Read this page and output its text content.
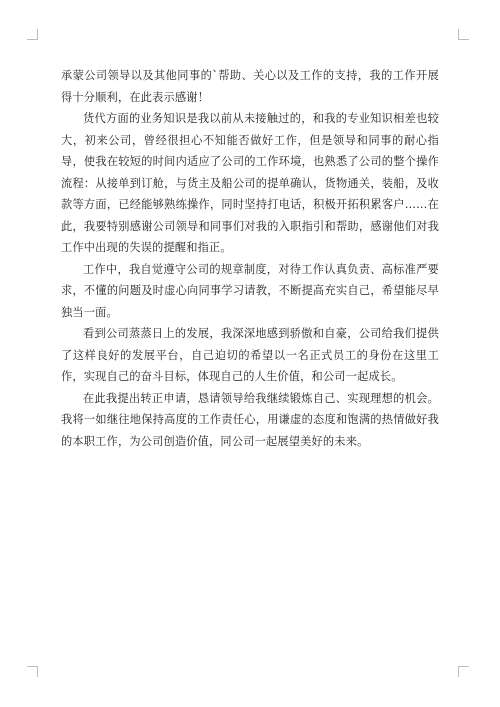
承蒙公司领导以及其他同事的`帮助、关心以及工作的支持，我的工作开展得十分顺利，在此表示感谢！

货代方面的业务知识是我以前从未接触过的，和我的专业知识相差也较大，初来公司，曾经很担心不知能否做好工作，但是领导和同事的耐心指导，使我在较短的时间内适应了公司的工作环境，也熟悉了公司的整个操作流程：从接单到订舱，与货主及船公司的提单确认，货物通关，装船，及收款等方面，已经能够熟练操作，同时坚持打电话，积极开拓积累客户……在此，我要特别感谢公司领导和同事们对我的入职指引和帮助，感谢他们对我工作中出现的失误的提醒和指正。

工作中，我自觉遵守公司的规章制度，对待工作认真负责、高标准严要求，不懂的问题及时虚心向同事学习请教，不断提高充实自己，希望能尽早独当一面。

看到公司蒸蒸日上的发展，我深深地感到骄傲和自豪，公司给我们提供了这样良好的发展平台，自己迫切的希望以一名正式员工的身份在这里工作，实现自己的奋斗目标，体现自己的人生价值，和公司一起成长。

在此我提出转正申请，恳请领导给我继续锻炼自己、实现理想的机会。我将一如继往地保持高度的工作责任心，用谦虚的态度和饱满的热情做好我的本职工作，为公司创造价值，同公司一起展望美好的未来。
